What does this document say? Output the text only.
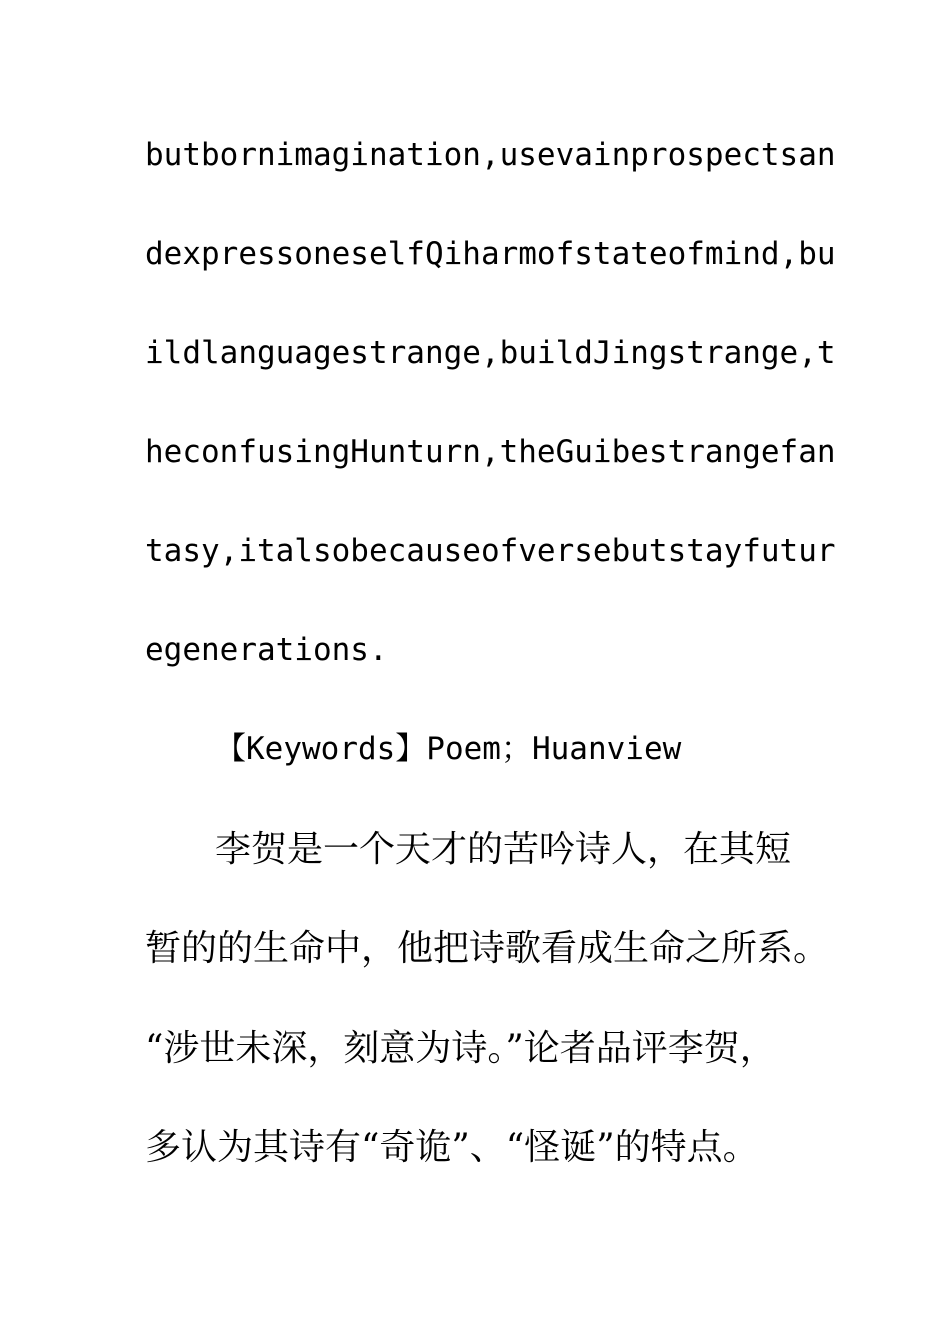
butbornimagination,usevainprospectsan
dexpressoneselfQiharmofstateofmind,bu
ildlanguagestrange,buildJingstrange,t
heconfusingHunturn,theGuibestrangefan
tasy,italsobecauseofversebutstayfutur
egenerations.
【Keywords】Poem；Huanview
李贺是一个天才的苦吟诗人，在其短
暂的的生命中，他把诗歌看成生命之所系。
“涉世未深，刻意为诗。”论者品评李贺，
多认为其诗有“奇诡”、“怪诞”的特点。
